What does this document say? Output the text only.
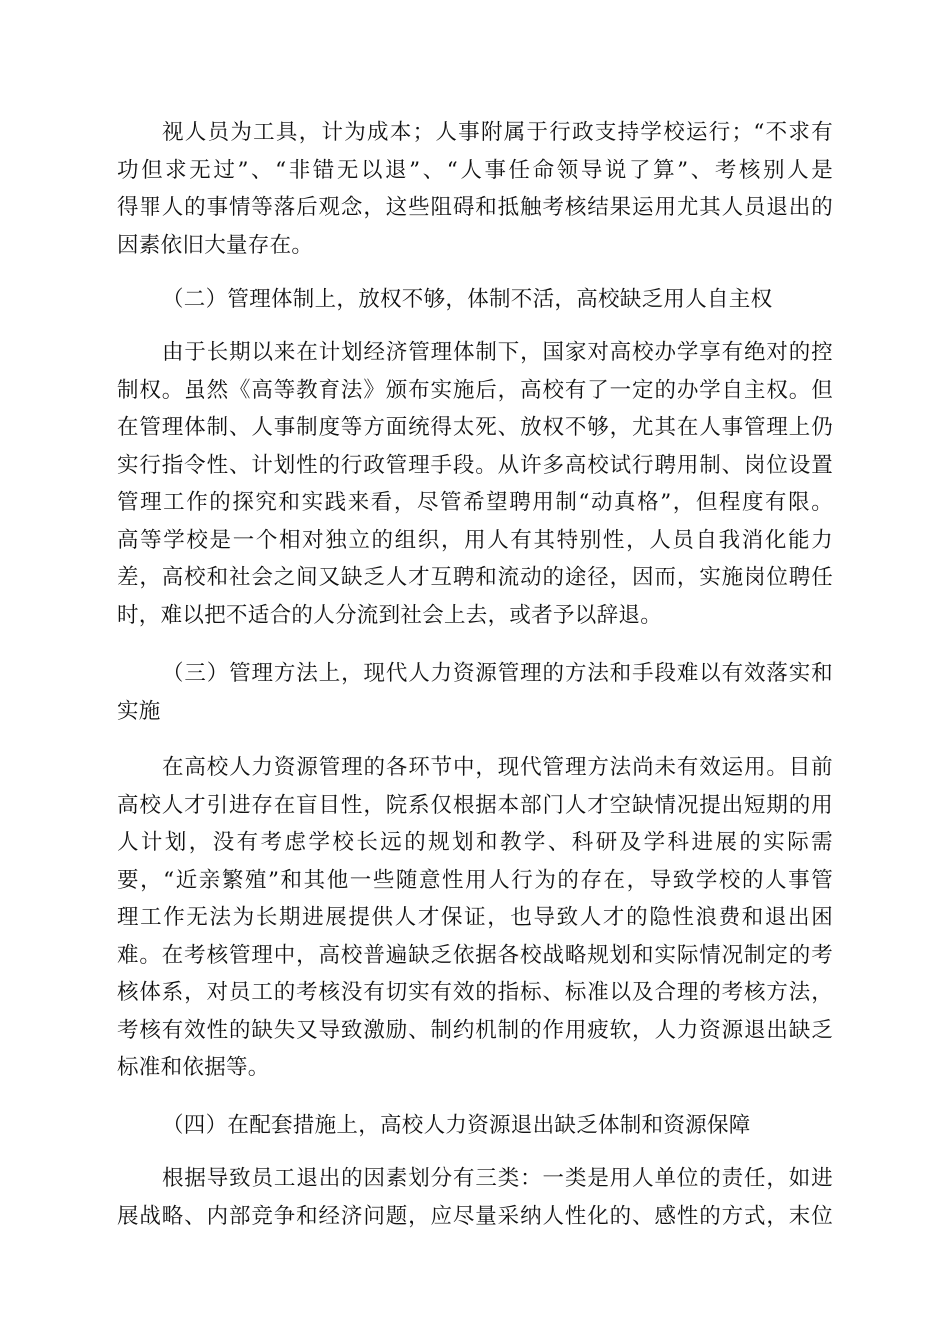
视人员为工具，计为成本；人事附属于行政支持学校运行；“不求有
功但求无过”、“非错无以退”、“人事任命领导说了算”、考核别人是
得罪人的事情等落后观念，这些阻碍和抵触考核结果运用尤其人员退出的
因素依旧大量存在。
（二）管理体制上，放权不够，体制不活，高校缺乏用人自主权
由于长期以来在计划经济管理体制下，国家对高校办学享有绝对的控
制权。虽然《高等教育法》颁布实施后，高校有了一定的办学自主权。但
在管理体制、人事制度等方面统得太死、放权不够，尤其在人事管理上仍
实行指令性、计划性的行政管理手段。从许多高校试行聘用制、岗位设置
管理工作的探究和实践来看，尽管希望聘用制“动真格”，但程度有限。
高等学校是一个相对独立的组织，用人有其特别性，人员自我消化能力
差，高校和社会之间又缺乏人才互聘和流动的途径，因而，实施岗位聘任
时，难以把不适合的人分流到社会上去，或者予以辞退。
（三）管理方法上，现代人力资源管理的方法和手段难以有效落实和
实施
在高校人力资源管理的各环节中，现代管理方法尚未有效运用。目前
高校人才引进存在盲目性，院系仅根据本部门人才空缺情况提出短期的用
人计划，没有考虑学校长远的规划和教学、科研及学科进展的实际需
要，“近亲繁殖”和其他一些随意性用人行为的存在，导致学校的人事管
理工作无法为长期进展提供人才保证，也导致人才的隐性浪费和退出困
难。在考核管理中，高校普遍缺乏依据各校战略规划和实际情况制定的考
核体系，对员工的考核没有切实有效的指标、标准以及合理的考核方法，
考核有效性的缺失又导致激励、制约机制的作用疲软，人力资源退出缺乏
标准和依据等。
（四）在配套措施上，高校人力资源退出缺乏体制和资源保障
根据导致员工退出的因素划分有三类：一类是用人单位的责任，如进
展战略、内部竞争和经济问题，应尽量采纳人性化的、感性的方式，末位
